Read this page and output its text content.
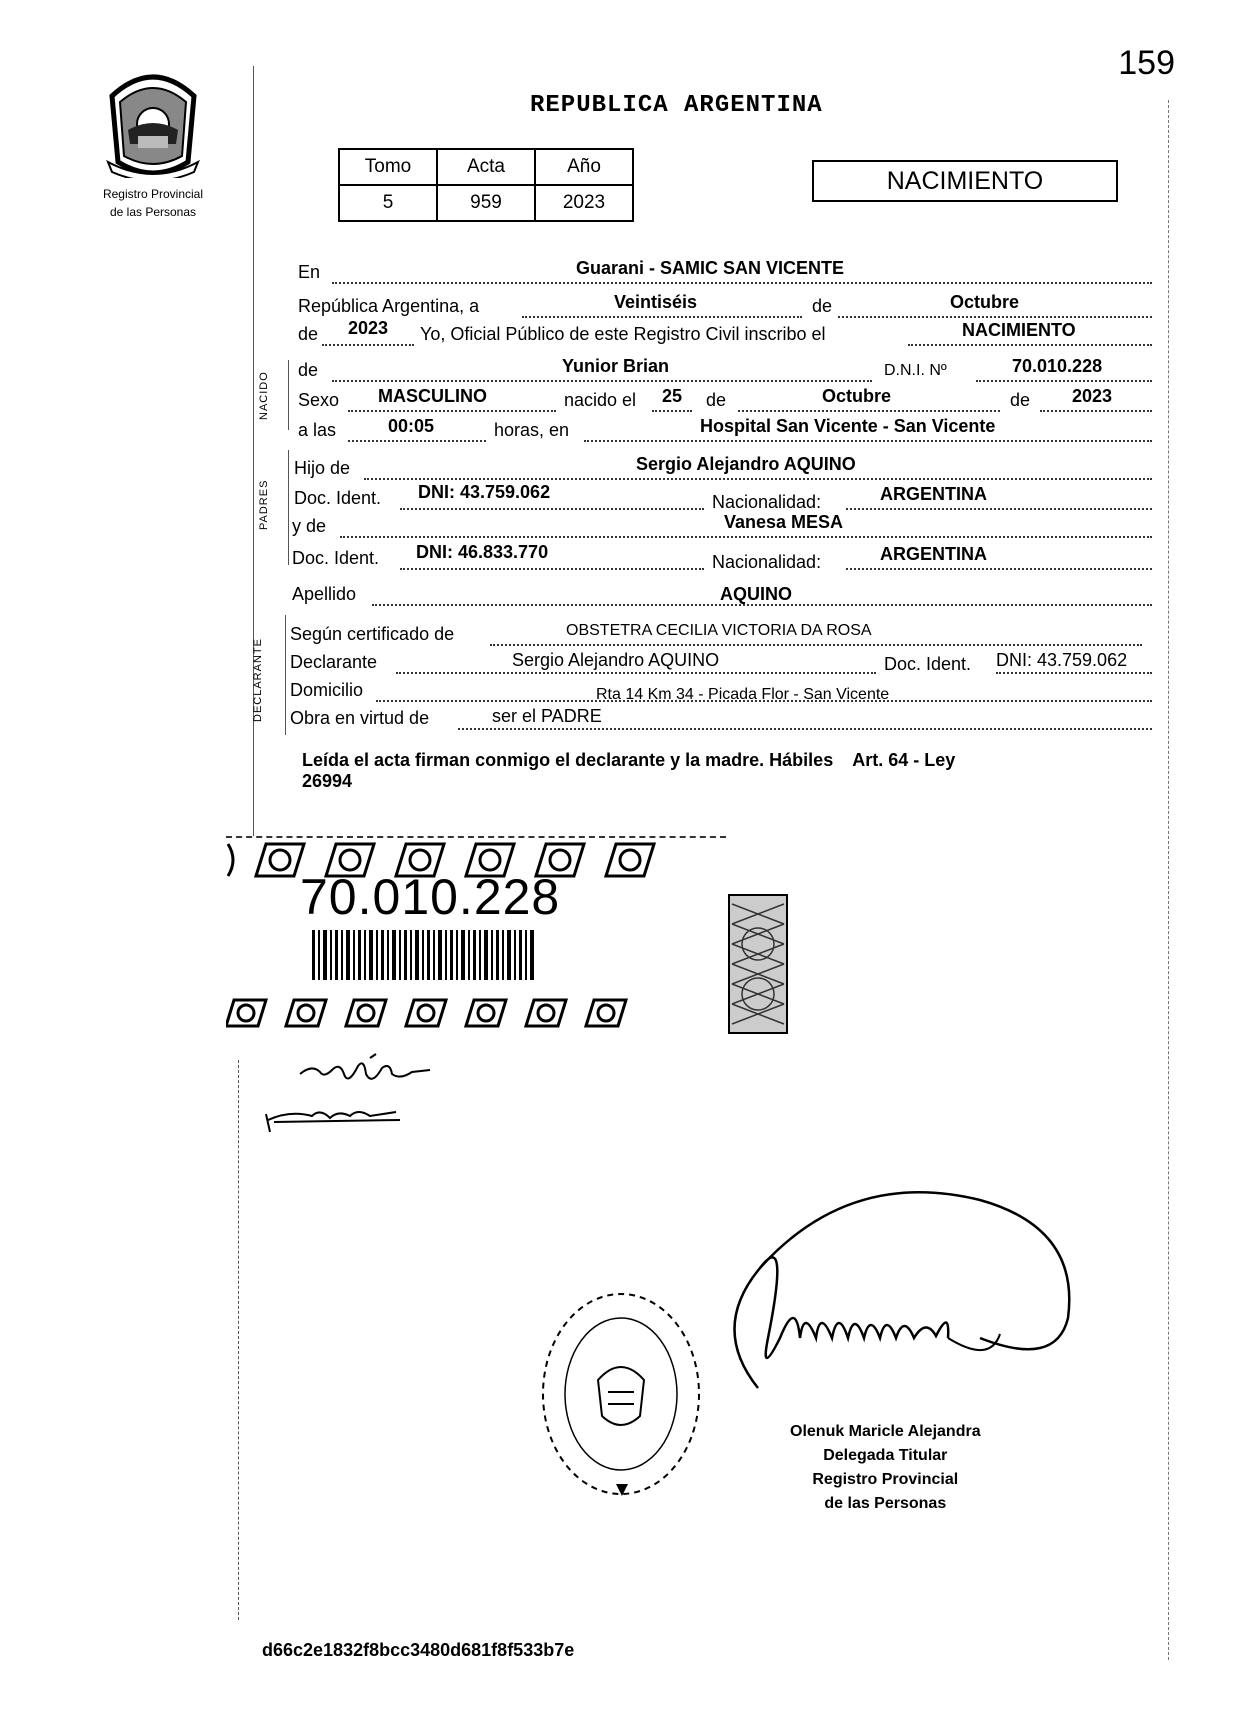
159
Registro Provincial
de las Personas
REPUBLICA ARGENTINA
Tomo	Acta	Año
5	959	2023
NACIMIENTO
NACIDO
PADRES
DECLARANTE
En	Guarani - SAMIC SAN VICENTE
República Argentina, a	Veintiséis	de	Octubre
de 2023 Yo, Oficial Público de este Registro Civil inscribo el	NACIMIENTO
de	Yunior Brian	D.N.I. Nº	70.010.228
Sexo MASCULINO	nacido el 25 de	Octubre	de 2023
a las	00:05	horas, en	Hospital San Vicente - San Vicente
Hijo de	Sergio Alejandro AQUINO
Doc. Ident. DNI: 43.759.062	Nacionalidad:	ARGENTINA
y de	Vanesa MESA
Doc. Ident. DNI: 46.833.770	Nacionalidad:	ARGENTINA
Apellido	AQUINO
Según certificado de	OBSTETRA CECILIA VICTORIA DA ROSA
Declarante	Sergio Alejandro AQUINO	Doc. Ident. DNI: 43.759.062
Domicilio	Rta 14 Km 34 - Picada Flor - San Vicente
Obra en virtud de	ser el PADRE
Leída el acta firman conmigo el declarante y la madre. Hábiles Art. 64 - Ley
26994
70.010.228
Olenuk Maricle Alejandra
Delegada Titular
Registro Provincial
de las Personas
d66c2e1832f8bcc3480d681f8f533b7e
